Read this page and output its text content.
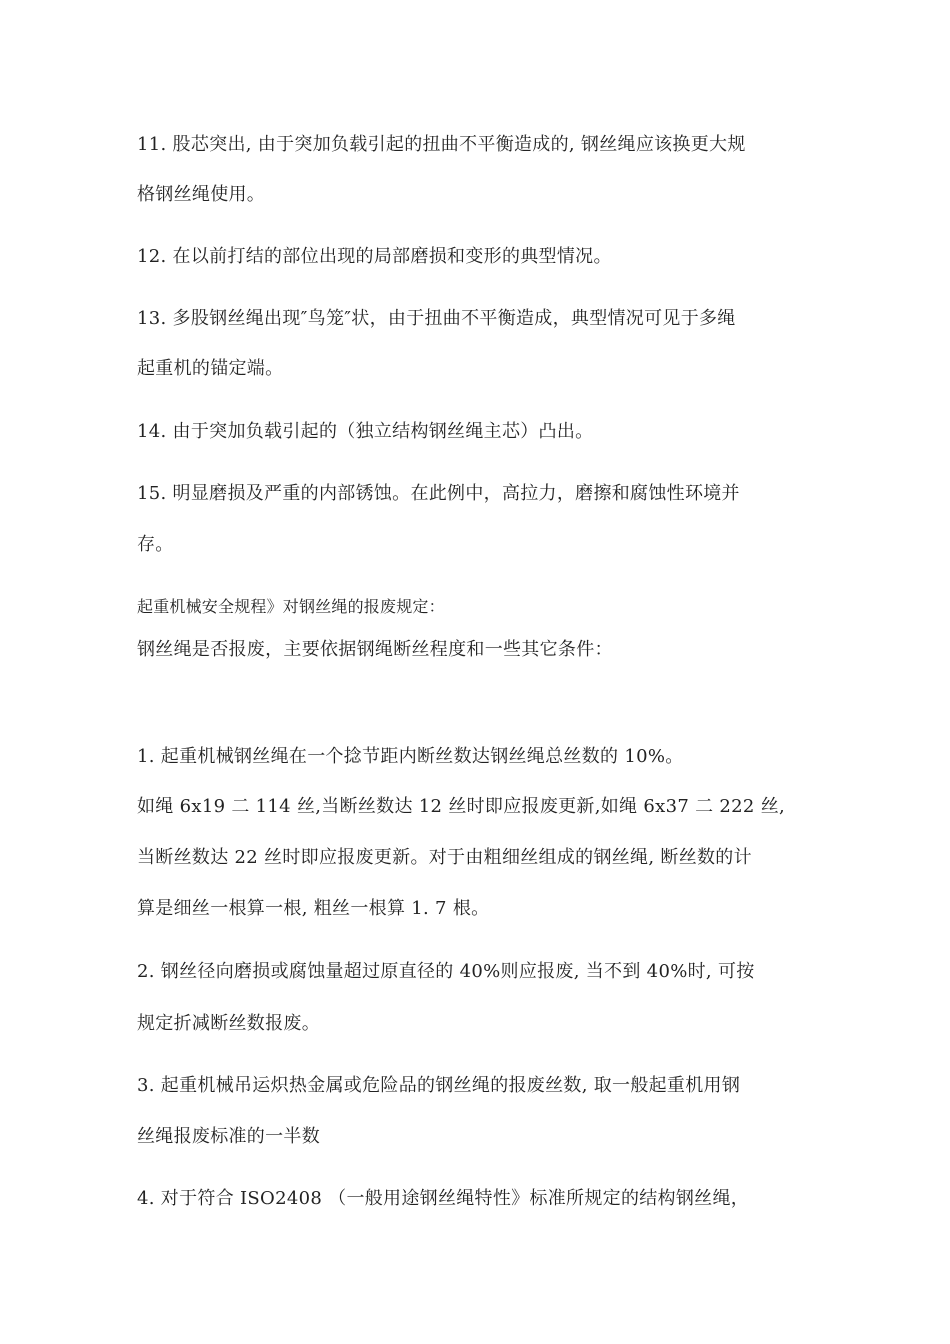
11. 股芯突出, 由于突加负载引起的扭曲不平衡造成的, 钢丝绳应该换更大规
格钢丝绳使用。
12. 在以前打结的部位出现的局部磨损和变形的典型情况。
13. 多股钢丝绳出现″鸟笼″状，由于扭曲不平衡造成，典型情况可见于多绳
起重机的锚定端。
14. 由于突加负载引起的（独立结构钢丝绳主芯）凸出。
15. 明显磨损及严重的内部锈蚀。在此例中，高拉力，磨擦和腐蚀性环境并
存。
起重机械安全规程》对钢丝绳的报废规定：
钢丝绳是否报废，主要依据钢绳断丝程度和一些其它条件：
1. 起重机械钢丝绳在一个捻节距内断丝数达钢丝绳总丝数的 10%。
如绳 6x19 二 114 丝,当断丝数达 12 丝时即应报废更新,如绳 6x37 二 222 丝,
当断丝数达 22 丝时即应报废更新。对于由粗细丝组成的钢丝绳, 断丝数的计
算是细丝一根算一根, 粗丝一根算 1. 7 根。
2. 钢丝径向磨损或腐蚀量超过原直径的 40%则应报废, 当不到 40%时, 可按
规定折减断丝数报废。
3. 起重机械吊运炽热金属或危险品的钢丝绳的报废丝数, 取一般起重机用钢
丝绳报废标准的一半数
4. 对于符合 ISO2408 （一般用途钢丝绳特性》标准所规定的结构钢丝绳，
